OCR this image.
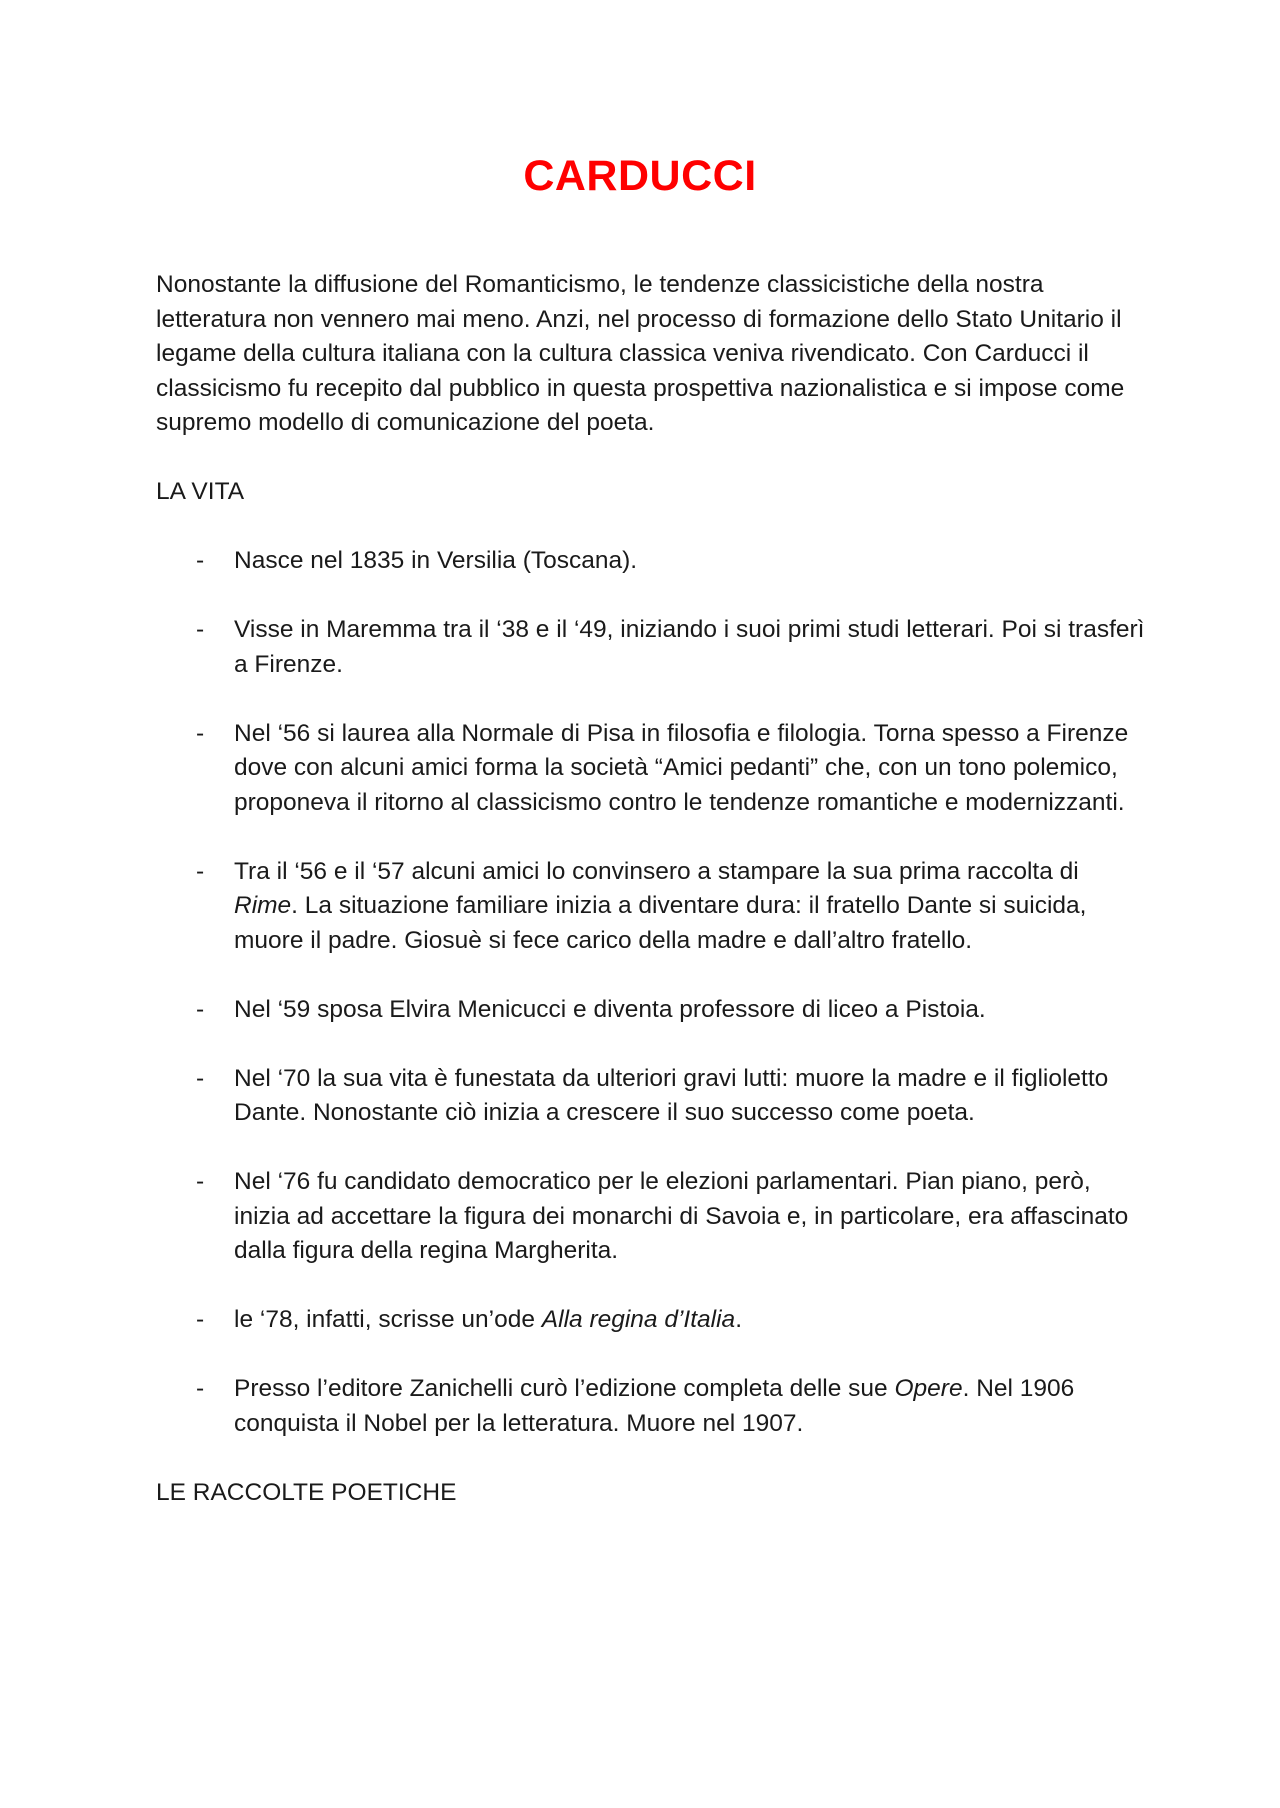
CARDUCCI

Nonostante la diffusione del Romanticismo, le tendenze classicistiche della nostra letteratura non vennero mai meno. Anzi, nel processo di formazione dello Stato Unitario il legame della cultura italiana con la cultura classica veniva rivendicato. Con Carducci il classicismo fu recepito dal pubblico in questa prospettiva nazionalistica e si impose come supremo modello di comunicazione del poeta.

LA VITA

- Nasce nel 1835 in Versilia (Toscana).
- Visse in Maremma tra il ‘38 e il ‘49, iniziando i suoi primi studi letterari. Poi si trasferì a Firenze.
- Nel ‘56 si laurea alla Normale di Pisa in filosofia e filologia. Torna spesso a Firenze dove con alcuni amici forma la società “Amici pedanti” che, con un tono polemico, proponeva il ritorno al classicismo contro le tendenze romantiche e modernizzanti.
- Tra il ‘56 e il ‘57 alcuni amici lo convinsero a stampare la sua prima raccolta di Rime. La situazione familiare inizia a diventare dura: il fratello Dante si suicida, muore il padre. Giosuè si fece carico della madre e dall’altro fratello.
- Nel ‘59 sposa Elvira Menicucci e diventa professore di liceo a Pistoia.
- Nel ‘70 la sua vita è funestata da ulteriori gravi lutti: muore la madre e il figlioletto Dante. Nonostante ciò inizia a crescere il suo successo come poeta.
- Nel ‘76 fu candidato democratico per le elezioni parlamentari. Pian piano, però, inizia ad accettare la figura dei monarchi di Savoia e, in particolare, era affascinato dalla figura della regina Margherita.
- le ‘78, infatti, scrisse un’ode Alla regina d’Italia.
- Presso l’editore Zanichelli curò l’edizione completa delle sue Opere. Nel 1906 conquista il Nobel per la letteratura. Muore nel 1907.

LE RACCOLTE POETICHE
